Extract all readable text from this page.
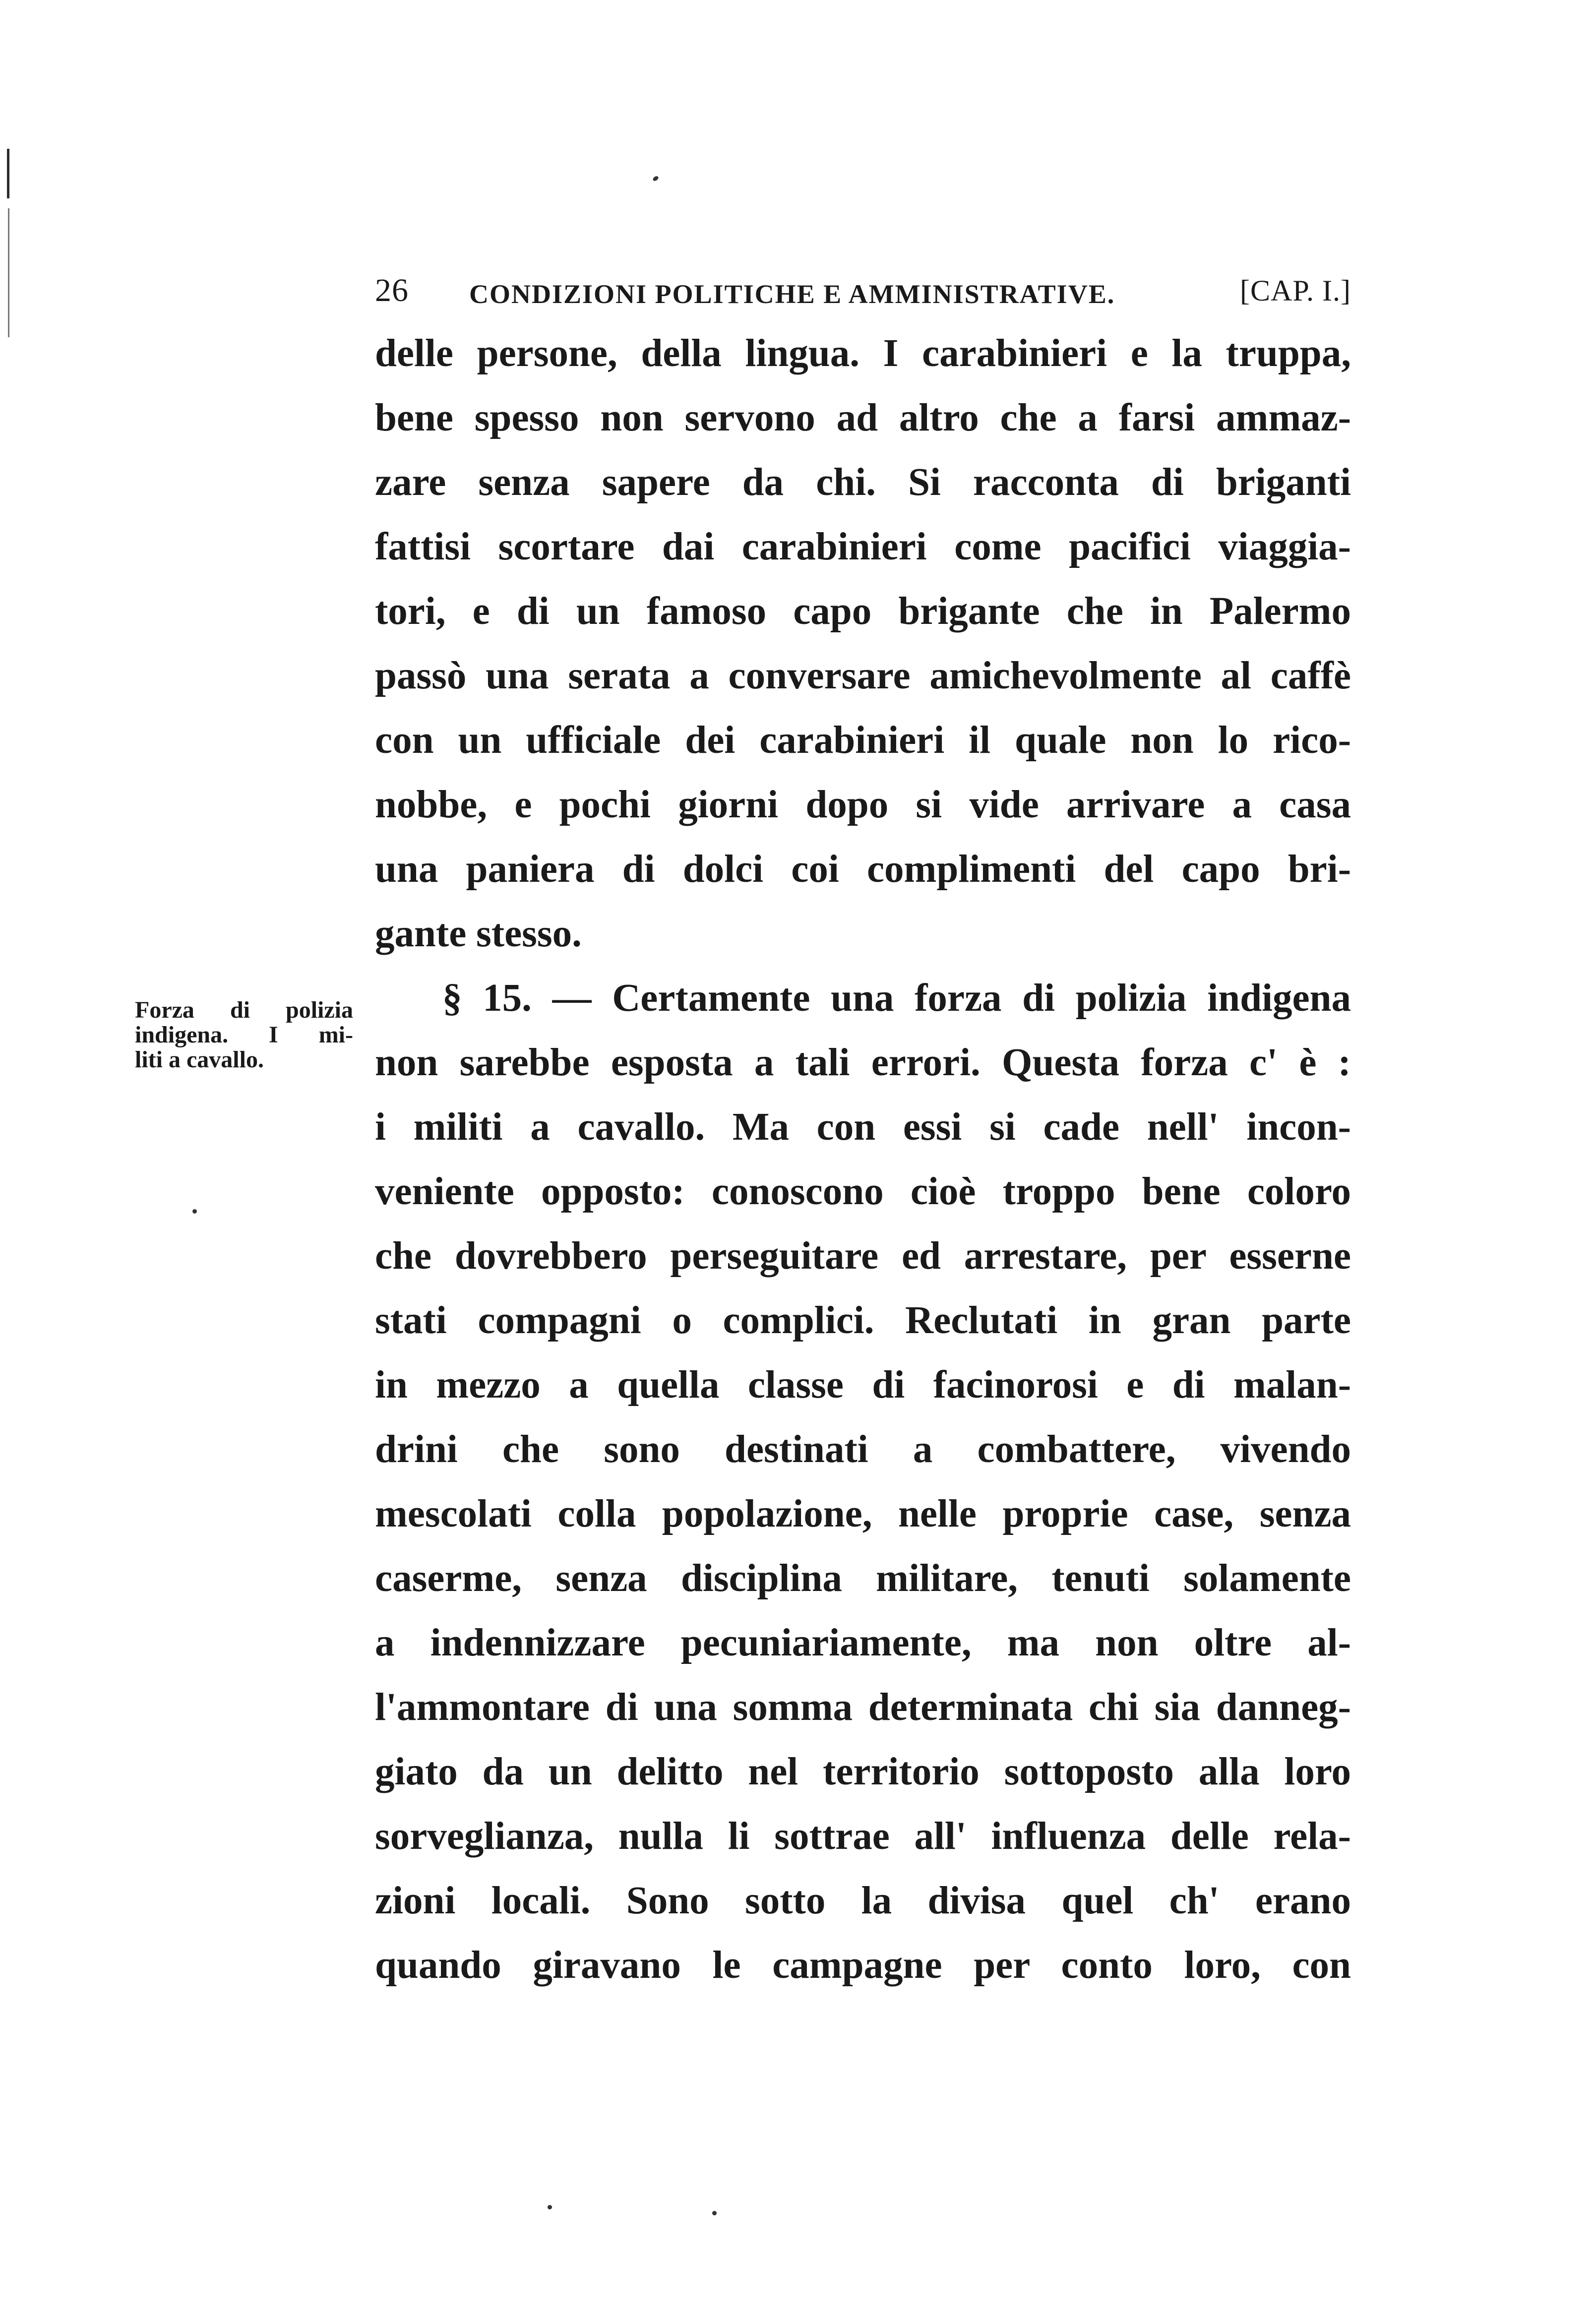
26 CONDIZIONI POLITICHE E AMMINISTRATIVE.	[CAP. I.]
Forza di polizia
indigena. I mi-
liti a cavallo.
delle persone, della lingua. I carabinieri e la truppa,
bene spesso non servono ad altro che a farsi ammaz-
zare senza sapere da chi. Si racconta di briganti
fattisi scortare dai carabinieri come pacifici viaggia-
tori, e di un famoso capo brigante che in Palermo
passò una serata a conversare amichevolmente al caffè
con un ufficiale dei carabinieri il quale non lo rico-
nobbe, e pochi giorni dopo si vide arrivare a casa
una paniera di dolci coi complimenti del capo bri-
gante stesso.
§ 15. — Certamente una forza di polizia indigena
non sarebbe esposta a tali errori. Questa forza c' è :
i militi a cavallo. Ma con essi si cade nell' incon-
veniente opposto: conoscono cioè troppo bene coloro
che dovrebbero perseguitare ed arrestare, per esserne
stati compagni o complici. Reclutati in gran parte
in mezzo a quella classe di facinorosi e di malan-
drini che sono destinati a combattere, vivendo
mescolati colla popolazione, nelle proprie case, senza
caserme, senza disciplina militare, tenuti solamente
a indennizzare pecuniariamente, ma non oltre al-
l'ammontare di una somma determinata chi sia danneg-
giato da un delitto nel territorio sottoposto alla loro
sorveglianza, nulla li sottrae all' influenza delle rela-
zioni locali. Sono sotto la divisa quel ch' erano
quando giravano le campagne per conto loro, con
